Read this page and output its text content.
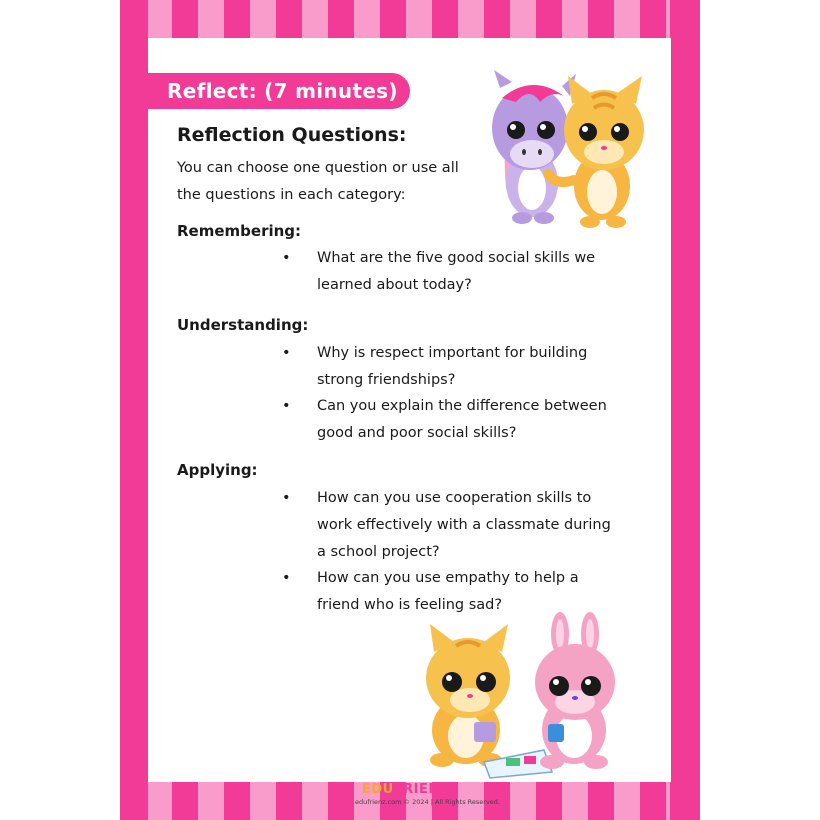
Reflect: (7 minutes)
Reflection Questions:
You can choose one question or use all the questions in each category:
Remembering:
• What are the five good social skills we learned about today?
Understanding:
• Why is respect important for building strong friendships?
• Can you explain the difference between good and poor social skills?
Applying:
• How can you use cooperation skills to work effectively with a classmate during a school project?
• How can you use empathy to help a friend who is feeling sad?
EDUFRIENZ
edufrienz.com © 2024 | All Rights Reserved.
